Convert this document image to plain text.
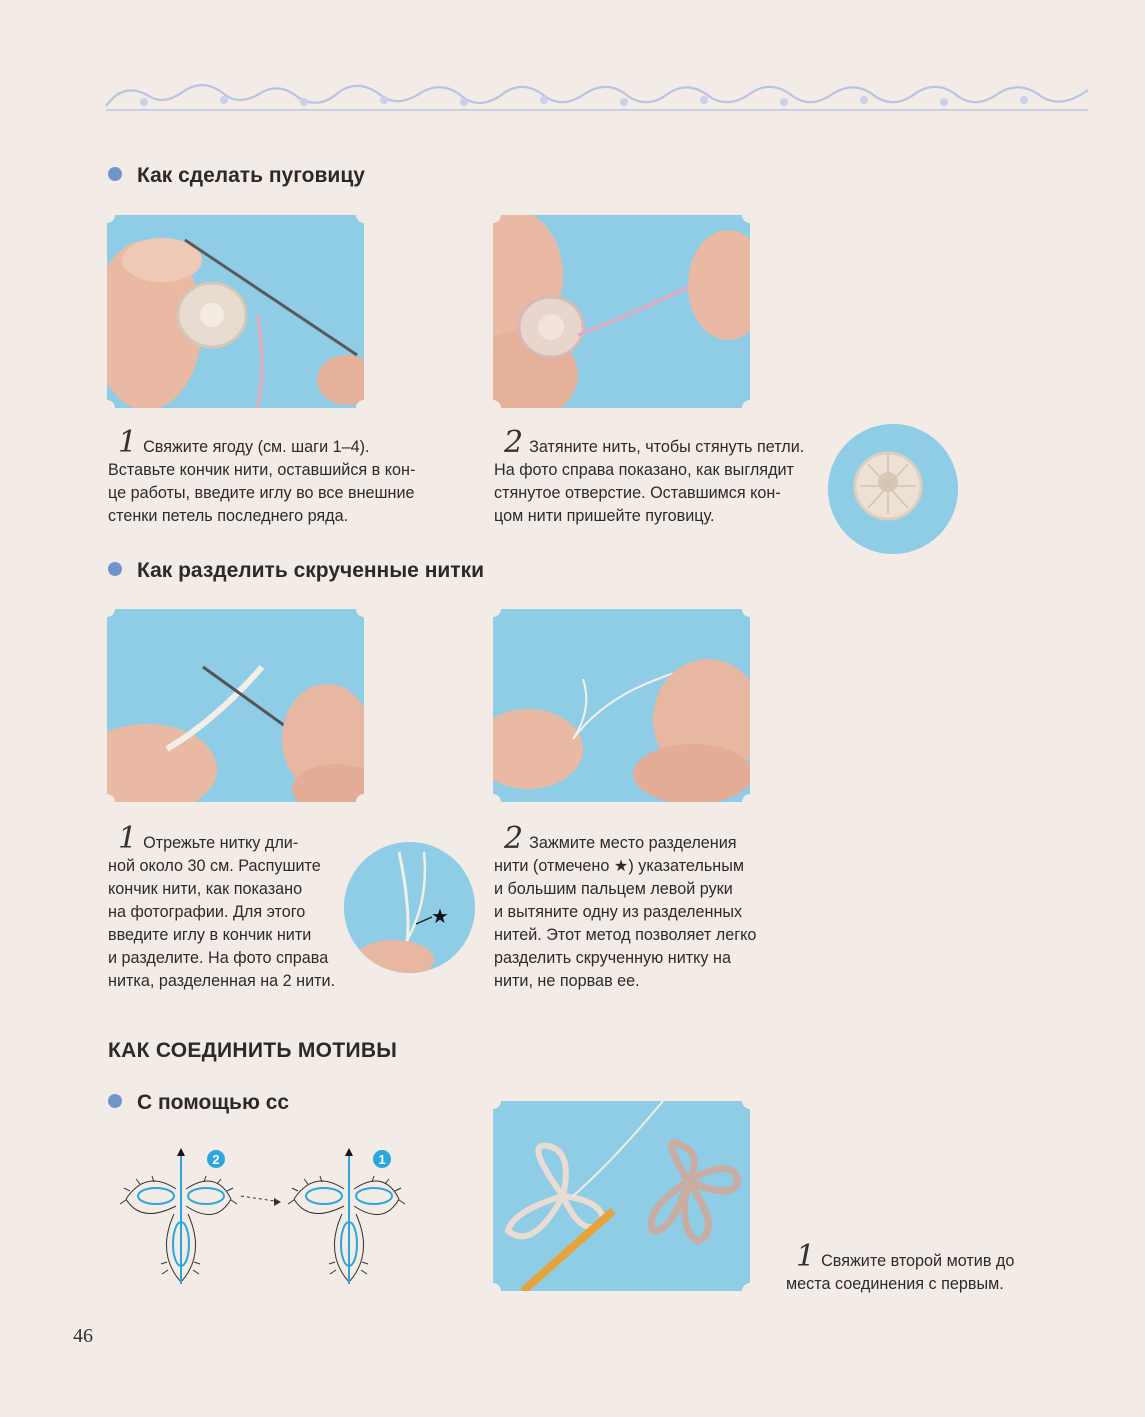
Как сделать пуговицу
1 Свяжите ягоду (см. шаги 1–4).
Вставьте кончик нити, оставшийся в кон-
це работы, введите иглу во все внешние
стенки петель последнего ряда.
2 Затяните нить, чтобы стянуть петли.
На фото справа показано, как выглядит
стянутое отверстие. Оставшимся кон-
цом нити пришейте пуговицу.
Как разделить скрученные нитки
1 Отрежьте нитку дли-
ной около 30 см. Распушите
кончик нити, как показано
на фотографии. Для этого
введите иглу в кончик нити
и разделите. На фото справа
нитка, разделенная на 2 нити.
★
2 Зажмите место разделения
нити (отмечено ★) указательным
и большим пальцем левой руки
и вытяните одну из разделенных
нитей. Этот метод позволяет легко
разделить скрученную нитку на
нити, не порвав ее.
КАК СОЕДИНИТЬ МОТИВЫ
С помощью сс
2	1
1 Свяжите второй мотив до
места соединения с первым.
46
